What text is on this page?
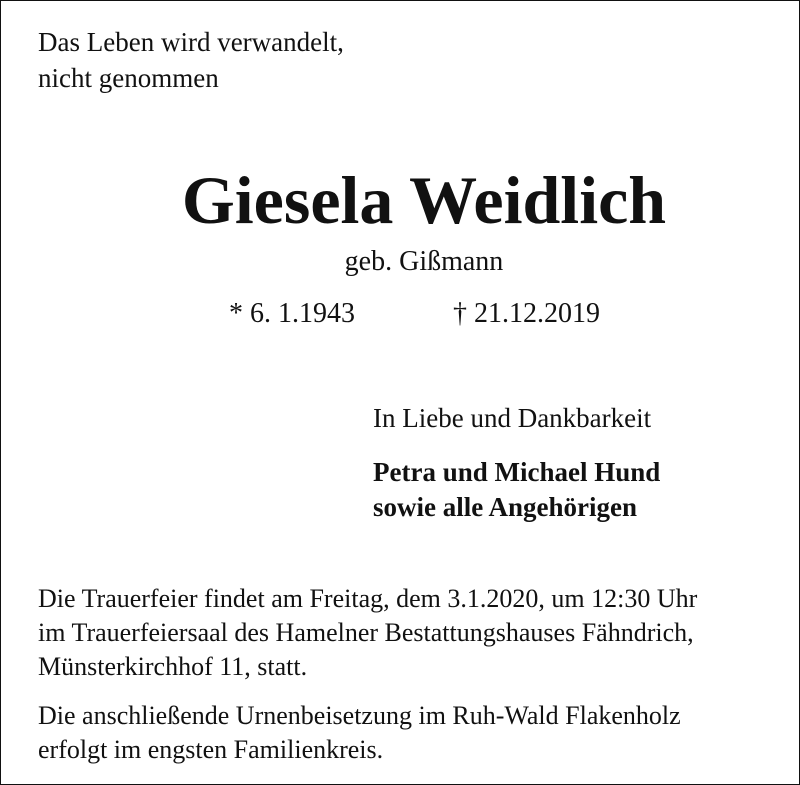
Das Leben wird verwandelt,
nicht genommen
Giesela Weidlich
geb. Gißmann
* 6. 1.1943	† 21.12.2019
In Liebe und Dankbarkeit
Petra und Michael Hund
sowie alle Angehörigen
Die Trauerfeier findet am Freitag, dem 3.1.2020, um 12:30 Uhr
im Trauerfeiersaal des Hamelner Bestattungshauses Fähndrich,
Münsterkirchhof 11, statt.
Die anschließende Urnenbeisetzung im Ruh-Wald Flakenholz
erfolgt im engsten Familienkreis.
